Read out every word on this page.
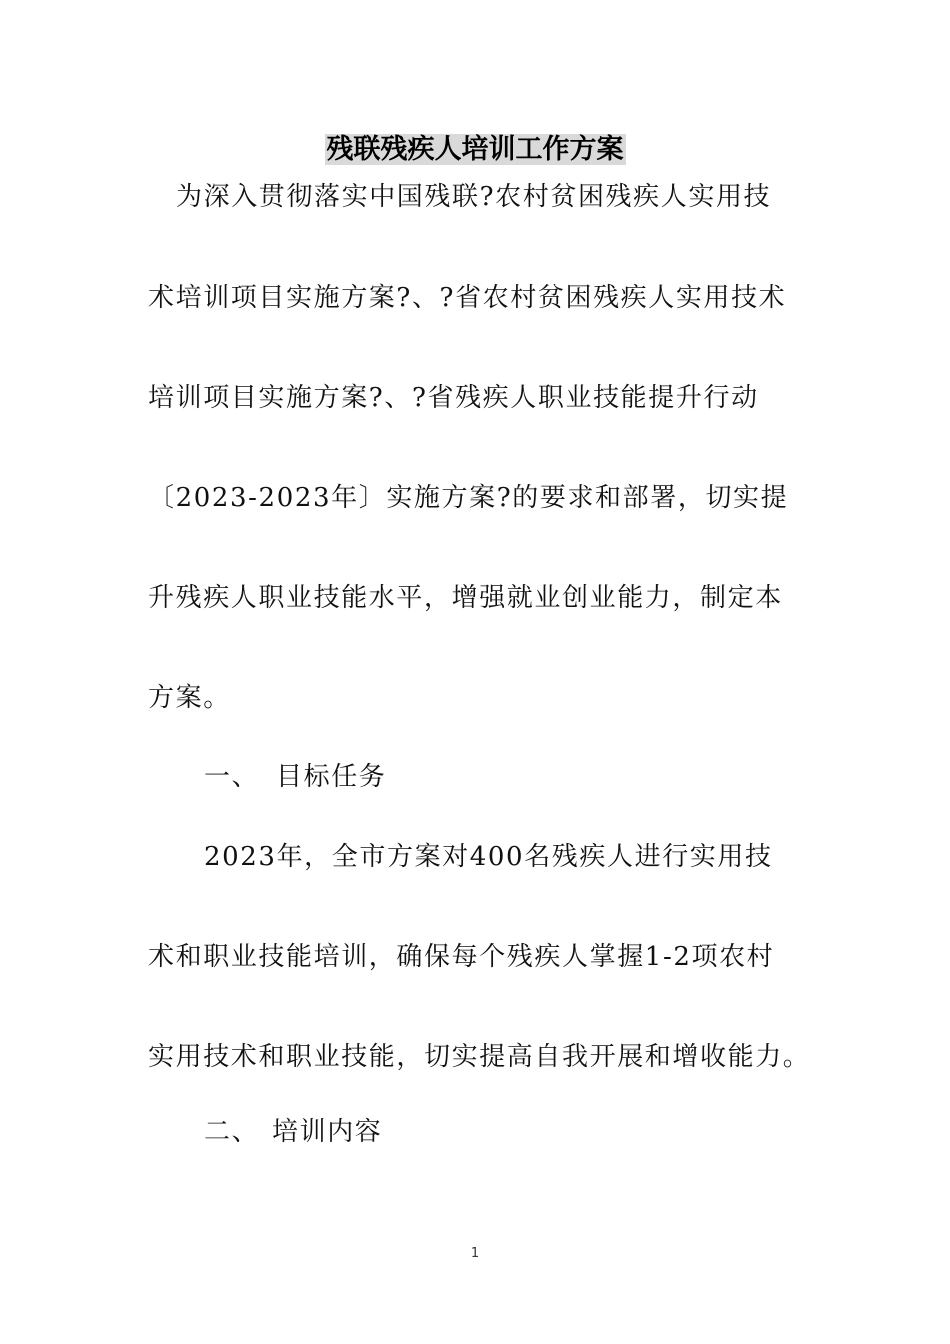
残联残疾人培训工作方案
为深入贯彻落实中国残联?农村贫困残疾人实用技
术培训项目实施方案?、?省农村贫困残疾人实用技术
培训项目实施方案?、?省残疾人职业技能提升行动
〔2023-2023年〕实施方案?的要求和部署，切实提
升残疾人职业技能水平，增强就业创业能力，制定本
方案。
一、 目标任务
2023年，全市方案对400名残疾人进行实用技
术和职业技能培训，确保每个残疾人掌握1-2项农村
实用技术和职业技能，切实提高自我开展和增收能力。
二、 培训内容
1
